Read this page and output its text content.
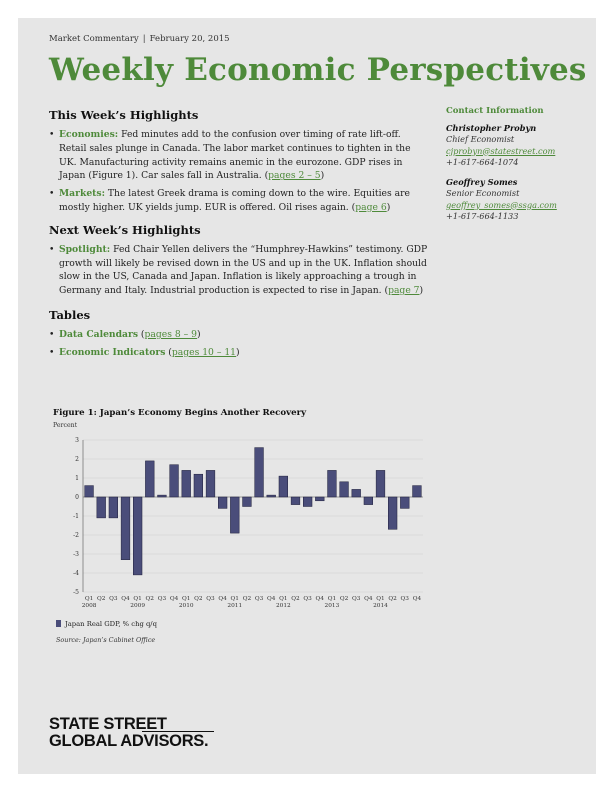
Market Commentary | February 20, 2015
Weekly Economic Perspectives
This Week’s Highlights
• Economies: Fed minutes add to the confusion over timing of rate lift-off. Retail sales plunge in Canada. The labor market continues to tighten in the UK. Manufacturing activity remains anemic in the eurozone. GDP rises in Japan (Figure 1). Car sales fall in Australia. (pages 2 – 5)
• Markets: The latest Greek drama is coming down to the wire. Equities are mostly higher. UK yields jump. EUR is offered. Oil rises again. (page 6)
Next Week’s Highlights
• Spotlight: Fed Chair Yellen delivers the “Humphrey-Hawkins” testimony. GDP growth will likely be revised down in the US and up in the UK. Inflation should slow in the US, Canada and Japan. Inflation is likely approaching a trough in Germany and Italy. Industrial production is expected to rise in Japan. (page 7)
Tables
• Data Calendars (pages 8 – 9)
• Economic Indicators (pages 10 – 11)
Contact Information
Christopher Probyn
Chief Economist
cjprobyn@statestreet.com
+1-617-664-1074
Geoffrey Somes
Senior Economist
geoffrey_somes@ssga.com
+1-617-664-1133
Figure 1: Japan’s Economy Begins Another Recovery
Percent
-5
-4
-3
-2
-1
0
1
2
3
Q1 Q2 Q3 Q4 Q1 Q2 Q3 Q4 Q1 Q2 Q3 Q4 Q1 Q2 Q3 Q4 Q1 Q2 Q3 Q4 Q1 Q2 Q3 Q4 Q1 Q2 Q3 Q4
2008	2009	2010	2011	2012	2013	2014
Japan Real GDP, % chg q/q
Source: Japan’s Cabinet Office
STATE STREET
GLOBAL ADVISORS.
